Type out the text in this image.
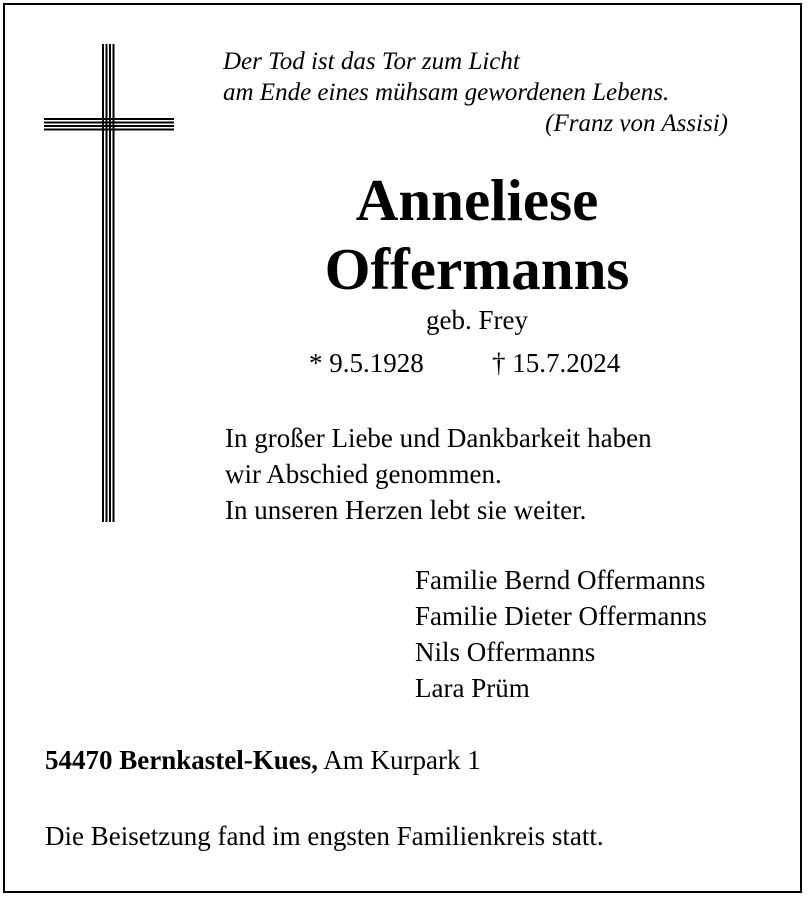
Der Tod ist das Tor zum Licht
am Ende eines mühsam gewordenen Lebens.
(Franz von Assisi)
Anneliese
Offermanns
geb. Frey
* 9.5.1928	† 15.7.2024
In großer Liebe und Dankbarkeit haben
wir Abschied genommen.
In unseren Herzen lebt sie weiter.
Familie Bernd Offermanns
Familie Dieter Offermanns
Nils Offermanns
Lara Prüm
54470 Bernkastel-Kues, Am Kurpark 1
Die Beisetzung fand im engsten Familienkreis statt.
